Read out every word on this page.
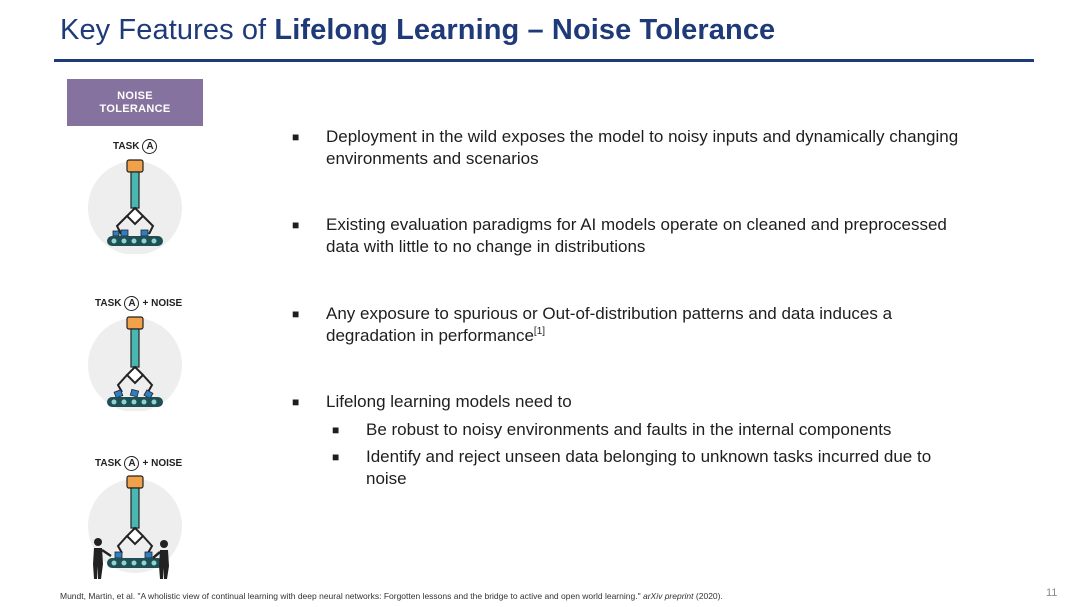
Key Features of Lifelong Learning – Noise Tolerance
NOISE
TOLERANCE
TASK A
TASK A + NOISE
TASK A + NOISE
■	Deployment in the wild exposes the model to noisy inputs and dynamically changing environments and scenarios
■	Existing evaluation paradigms for AI models operate on cleaned and preprocessed data with little to no change in distributions
■	Any exposure to spurious or Out-of-distribution patterns and data induces a degradation in performance[1]
■	Lifelong learning models need to
■	Be robust to noisy environments and faults in the internal components
■	Identify and reject unseen data belonging to unknown tasks incurred due to noise
Mundt, Martin, et al. "A wholistic view of continual learning with deep neural networks: Forgotten lessons and the bridge to active and open world learning." arXiv preprint (2020).	11
